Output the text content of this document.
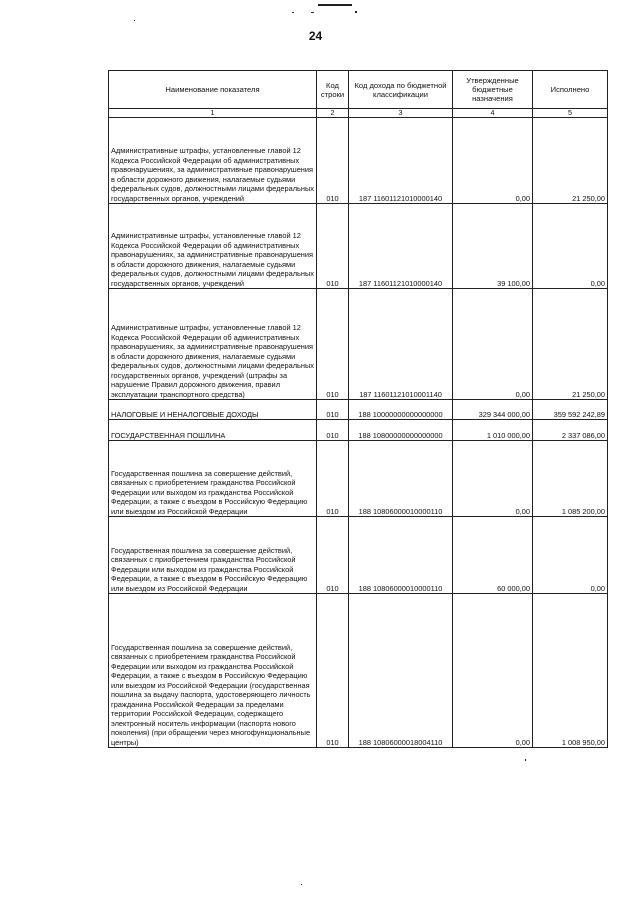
24
Наименование показателя	Код строки	Код дохода по бюджетной классификации	Утвержденные бюджетные назначения	Исполнено
1	2	3	4	5
Административные штрафы, установленные главой 12 Кодекса Российской Федерации об административных правонарушениях, за административные правонарушения в области дорожного движения, налагаемые судьями федеральных судов, должностными лицами федеральных государственных органов, учреждений	010	187 11601121010000140	0,00	21 250,00
Административные штрафы, установленные главой 12 Кодекса Российской Федерации об административных правонарушениях, за административные правонарушения в области дорожного движения, налагаемые судьями федеральных судов, должностными лицами федеральных государственных органов, учреждений	010	187 11601121010000140	39 100,00	0,00
Административные штрафы, установленные главой 12 Кодекса Российской Федерации об административных правонарушениях, за административные правонарушения в области дорожного движения, налагаемые судьями федеральных судов, должностными лицами федеральных государственных органов, учреждений (штрафы за нарушение Правил дорожного движения, правил эксплуатации транспортного средства)	010	187 11601121010001140	0,00	21 250,00
НАЛОГОВЫЕ И НЕНАЛОГОВЫЕ ДОХОДЫ	010	188 10000000000000000	329 344 000,00	359 592 242,89
ГОСУДАРСТВЕННАЯ ПОШЛИНА	010	188 10800000000000000	1 010 000,00	2 337 086,00
Государственная пошлина за совершение действий, связанных с приобретением гражданства Российской Федерации или выходом из гражданства Российской Федерации, а также с въездом в Российскую Федерацию или выездом из Российской Федерации	010	188 10806000010000110	0,00	1 085 200,00
Государственная пошлина за совершение действий, связанных с приобретением гражданства Российской Федерации или выходом из гражданства Российской Федерации, а также с въездом в Российскую Федерацию или выездом из Российской Федерации	010	188 10806000010000110	60 000,00	0,00
Государственная пошлина за совершение действий, связанных с приобретением гражданства Российской Федерации или выходом из гражданства Российской Федерации, а также с въездом в Российскую Федерацию или выездом из Российской Федерации (государственная пошлина за выдачу паспорта, удостоверяющего личность гражданина Российской Федерации за пределами территории Российской Федерации, содержащего электронный носитель информации (паспорта нового поколения) (при обращении через многофункциональные центры)	010	188 10806000018004110	0,00	1 008 950,00
